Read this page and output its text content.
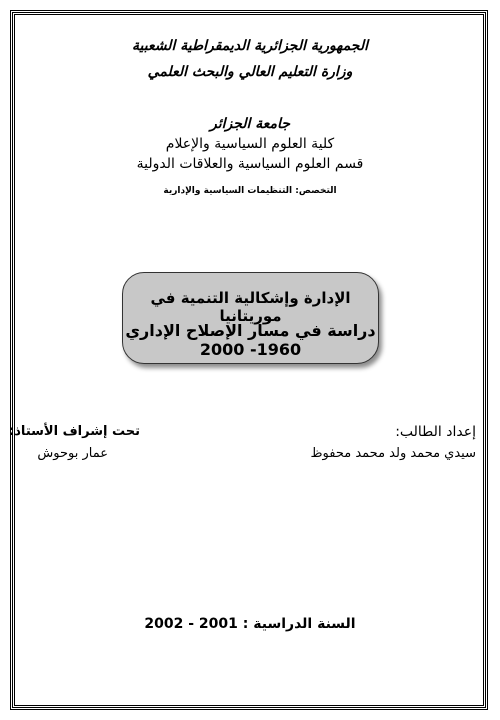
الجمهورية الجزائرية الديمقراطية الشعبية
وزارة التعليم العالي والبحث العلمي
جامعة الجزائر
كلية العلوم السياسية والإعلام
قسم العلوم السياسية والعلاقات الدولية
التخصص: التنظيمات السياسية والإدارية
الإدارة وإشكالية التنمية في موريتانيا
دراسة في مسار الإصلاح الإداري 1960- 2000
إعداد الطالب:
سيدي محمد ولد محمد محفوظ
تحت إشراف الأستاذ:
عمار بوحوش
السنة الدراسية : 2001 - 2002
